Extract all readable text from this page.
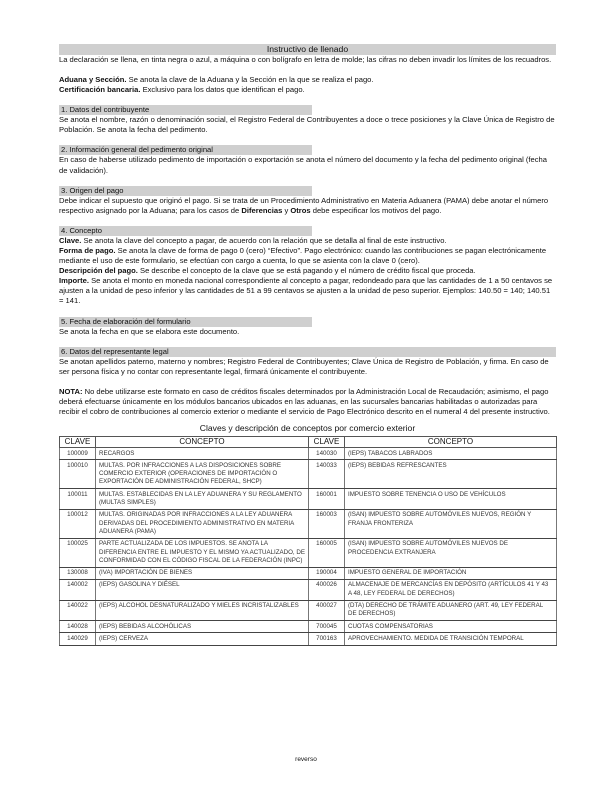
Instructivo de llenado

La declaración se llena, en tinta negra o azul, a máquina o con bolígrafo en letra de molde; las cifras no deben invadir los límites de los recuadros.

Aduana y Sección. Se anota la clave de la Aduana y la Sección en la que se realiza el pago.

Certificación bancaria. Exclusivo para los datos que identifican el pago.

1. Datos del contribuyente

Se anota el nombre, razón o denominación social, el Registro Federal de Contribuyentes a doce o trece posiciones y la Clave Única de Registro de Población. Se anota la fecha del pedimento.

2. Información general del pedimento original

En caso de haberse utilizado pedimento de importación o exportación se anota el número del documento y la fecha del pedimento original (fecha de validación).

3. Origen del pago

Debe indicar el supuesto que originó el pago. Si se trata de un Procedimiento Administrativo en Materia Aduanera (PAMA) debe anotar el número respectivo asignado por la Aduana; para los casos de Diferencias y Otros debe especificar los motivos del pago.

4. Concepto

Clave. Se anota la clave del concepto a pagar, de acuerdo con la relación que se detalla al final de este instructivo.

Forma de pago. Se anota la clave de forma de pago 0 (cero) “Efectivo”. Pago electrónico: cuando las contribuciones se pagan electrónicamente mediante el uso de este formulario, se efectúan con cargo a cuenta, lo que se asienta con la clave 0 (cero).

Descripción del pago. Se describe el concepto de la clave que se está pagando y el número de crédito fiscal que proceda.

Importe. Se anota el monto en moneda nacional correspondiente al concepto a pagar, redondeado para que las cantidades de 1 a 50 centavos se ajusten a la unidad de peso inferior y las cantidades de 51 a 99 centavos se ajusten a la unidad de peso superior. Ejemplos: 140.50 = 140; 140.51 = 141.

5. Fecha de elaboración del formulario

Se anota la fecha en que se elabora este documento.

6. Datos del representante legal

Se anotan apellidos paterno, materno y nombres; Registro Federal de Contribuyentes; Clave Única de Registro de Población, y firma. En caso de ser persona física y no contar con representante legal, firmará únicamente el contribuyente.

NOTA: No debe utilizarse este formato en caso de créditos fiscales determinados por la Administración Local de Recaudación; asimismo, el pago deberá efectuarse únicamente en los módulos bancarios ubicados en las aduanas, en las sucursales bancarias habilitadas o autorizadas para recibir el cobro de contribuciones al comercio exterior o mediante el servicio de Pago Electrónico descrito en el numeral 4 del presente instructivo.

Claves y descripción de conceptos por comercio exterior
CLAVE	CONCEPTO	CLAVE	CONCEPTO
100009	RECARGOS	140030	(IEPS) TABACOS LABRADOS
100010	MULTAS. POR INFRACCIONES A LAS DISPOSICIONES SOBRE COMERCIO EXTERIOR (OPERACIONES DE IMPORTACIÓN O EXPORTACIÓN DE ADMINISTRACIÓN FEDERAL, SHCP)	140033	(IEPS) BEBIDAS REFRESCANTES
100011	MULTAS. ESTABLECIDAS EN LA LEY ADUANERA Y SU REGLAMENTO (MULTAS SIMPLES)	160001	IMPUESTO SOBRE TENENCIA O USO DE VEHÍCULOS
100012	MULTAS. ORIGINADAS POR INFRACCIONES A LA LEY ADUANERA DERIVADAS DEL PROCEDIMIENTO ADMINISTRATIVO EN MATERIA ADUANERA (PAMA)	160003	(ISAN) IMPUESTO SOBRE AUTOMÓVILES NUEVOS, REGIÓN Y FRANJA FRONTERIZA
100025	PARTE ACTUALIZADA DE LOS IMPUESTOS. SE ANOTA LA DIFERENCIA ENTRE EL IMPUESTO Y EL MISMO YA ACTUALIZADO, DE CONFORMIDAD CON EL CÓDIGO FISCAL DE LA FEDERACIÓN (INPC)	160005	(ISAN) IMPUESTO SOBRE AUTOMÓVILES NUEVOS DE PROCEDENCIA EXTRANJERA
130008	(IVA) IMPORTACIÓN DE BIENES	190004	IMPUESTO GENERAL DE IMPORTACIÓN
140002	(IEPS) GASOLINA Y DIÉSEL	400026	ALMACENAJE DE MERCANCÍAS EN DEPÓSITO (ARTÍCULOS 41 Y 43 A 48, LEY FEDERAL DE DERECHOS)
140022	(IEPS) ALCOHOL DESNATURALIZADO Y MIELES INCRISTALIZABLES	400027	(DTA) DERECHO DE TRÁMITE ADUANERO (ART. 49, LEY FEDERAL DE DERECHOS)
140028	(IEPS) BEBIDAS ALCOHÓLICAS	700045	CUOTAS COMPENSATORIAS
140029	(IEPS) CERVEZA	700163	APROVECHAMIENTO. MEDIDA DE TRANSICIÓN TEMPORAL
reverso
